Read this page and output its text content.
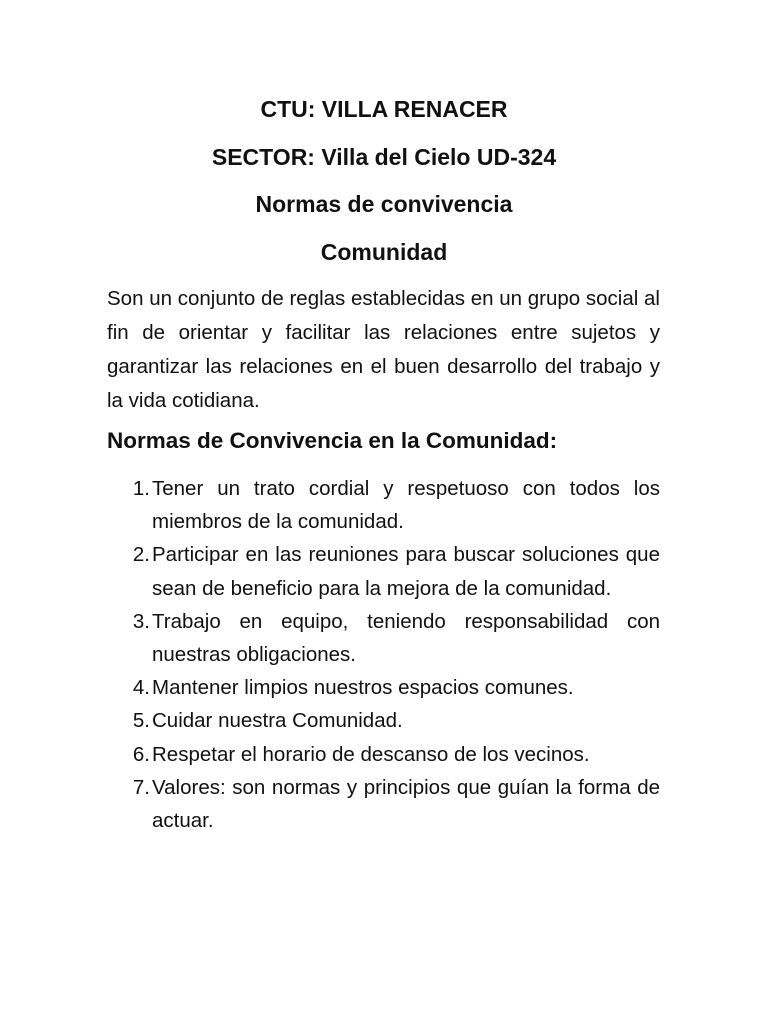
CTU: VILLA RENACER
SECTOR: Villa del Cielo UD-324
Normas de convivencia
Comunidad

Son un conjunto de reglas establecidas en un grupo social al fin de orientar y facilitar las relaciones entre sujetos y garantizar las relaciones en el buen desarrollo del trabajo y la vida cotidiana.

Normas de Convivencia en la Comunidad:
1. Tener un trato cordial y respetuoso con todos los miembros de la comunidad.
2. Participar en las reuniones para buscar soluciones que sean de beneficio para la mejora de la comunidad.
3. Trabajo en equipo, teniendo responsabilidad con nuestras obligaciones.
4. Mantener limpios nuestros espacios comunes.
5. Cuidar nuestra Comunidad.
6. Respetar el horario de descanso de los vecinos.
7. Valores: son normas y principios que guían la forma de actuar.
